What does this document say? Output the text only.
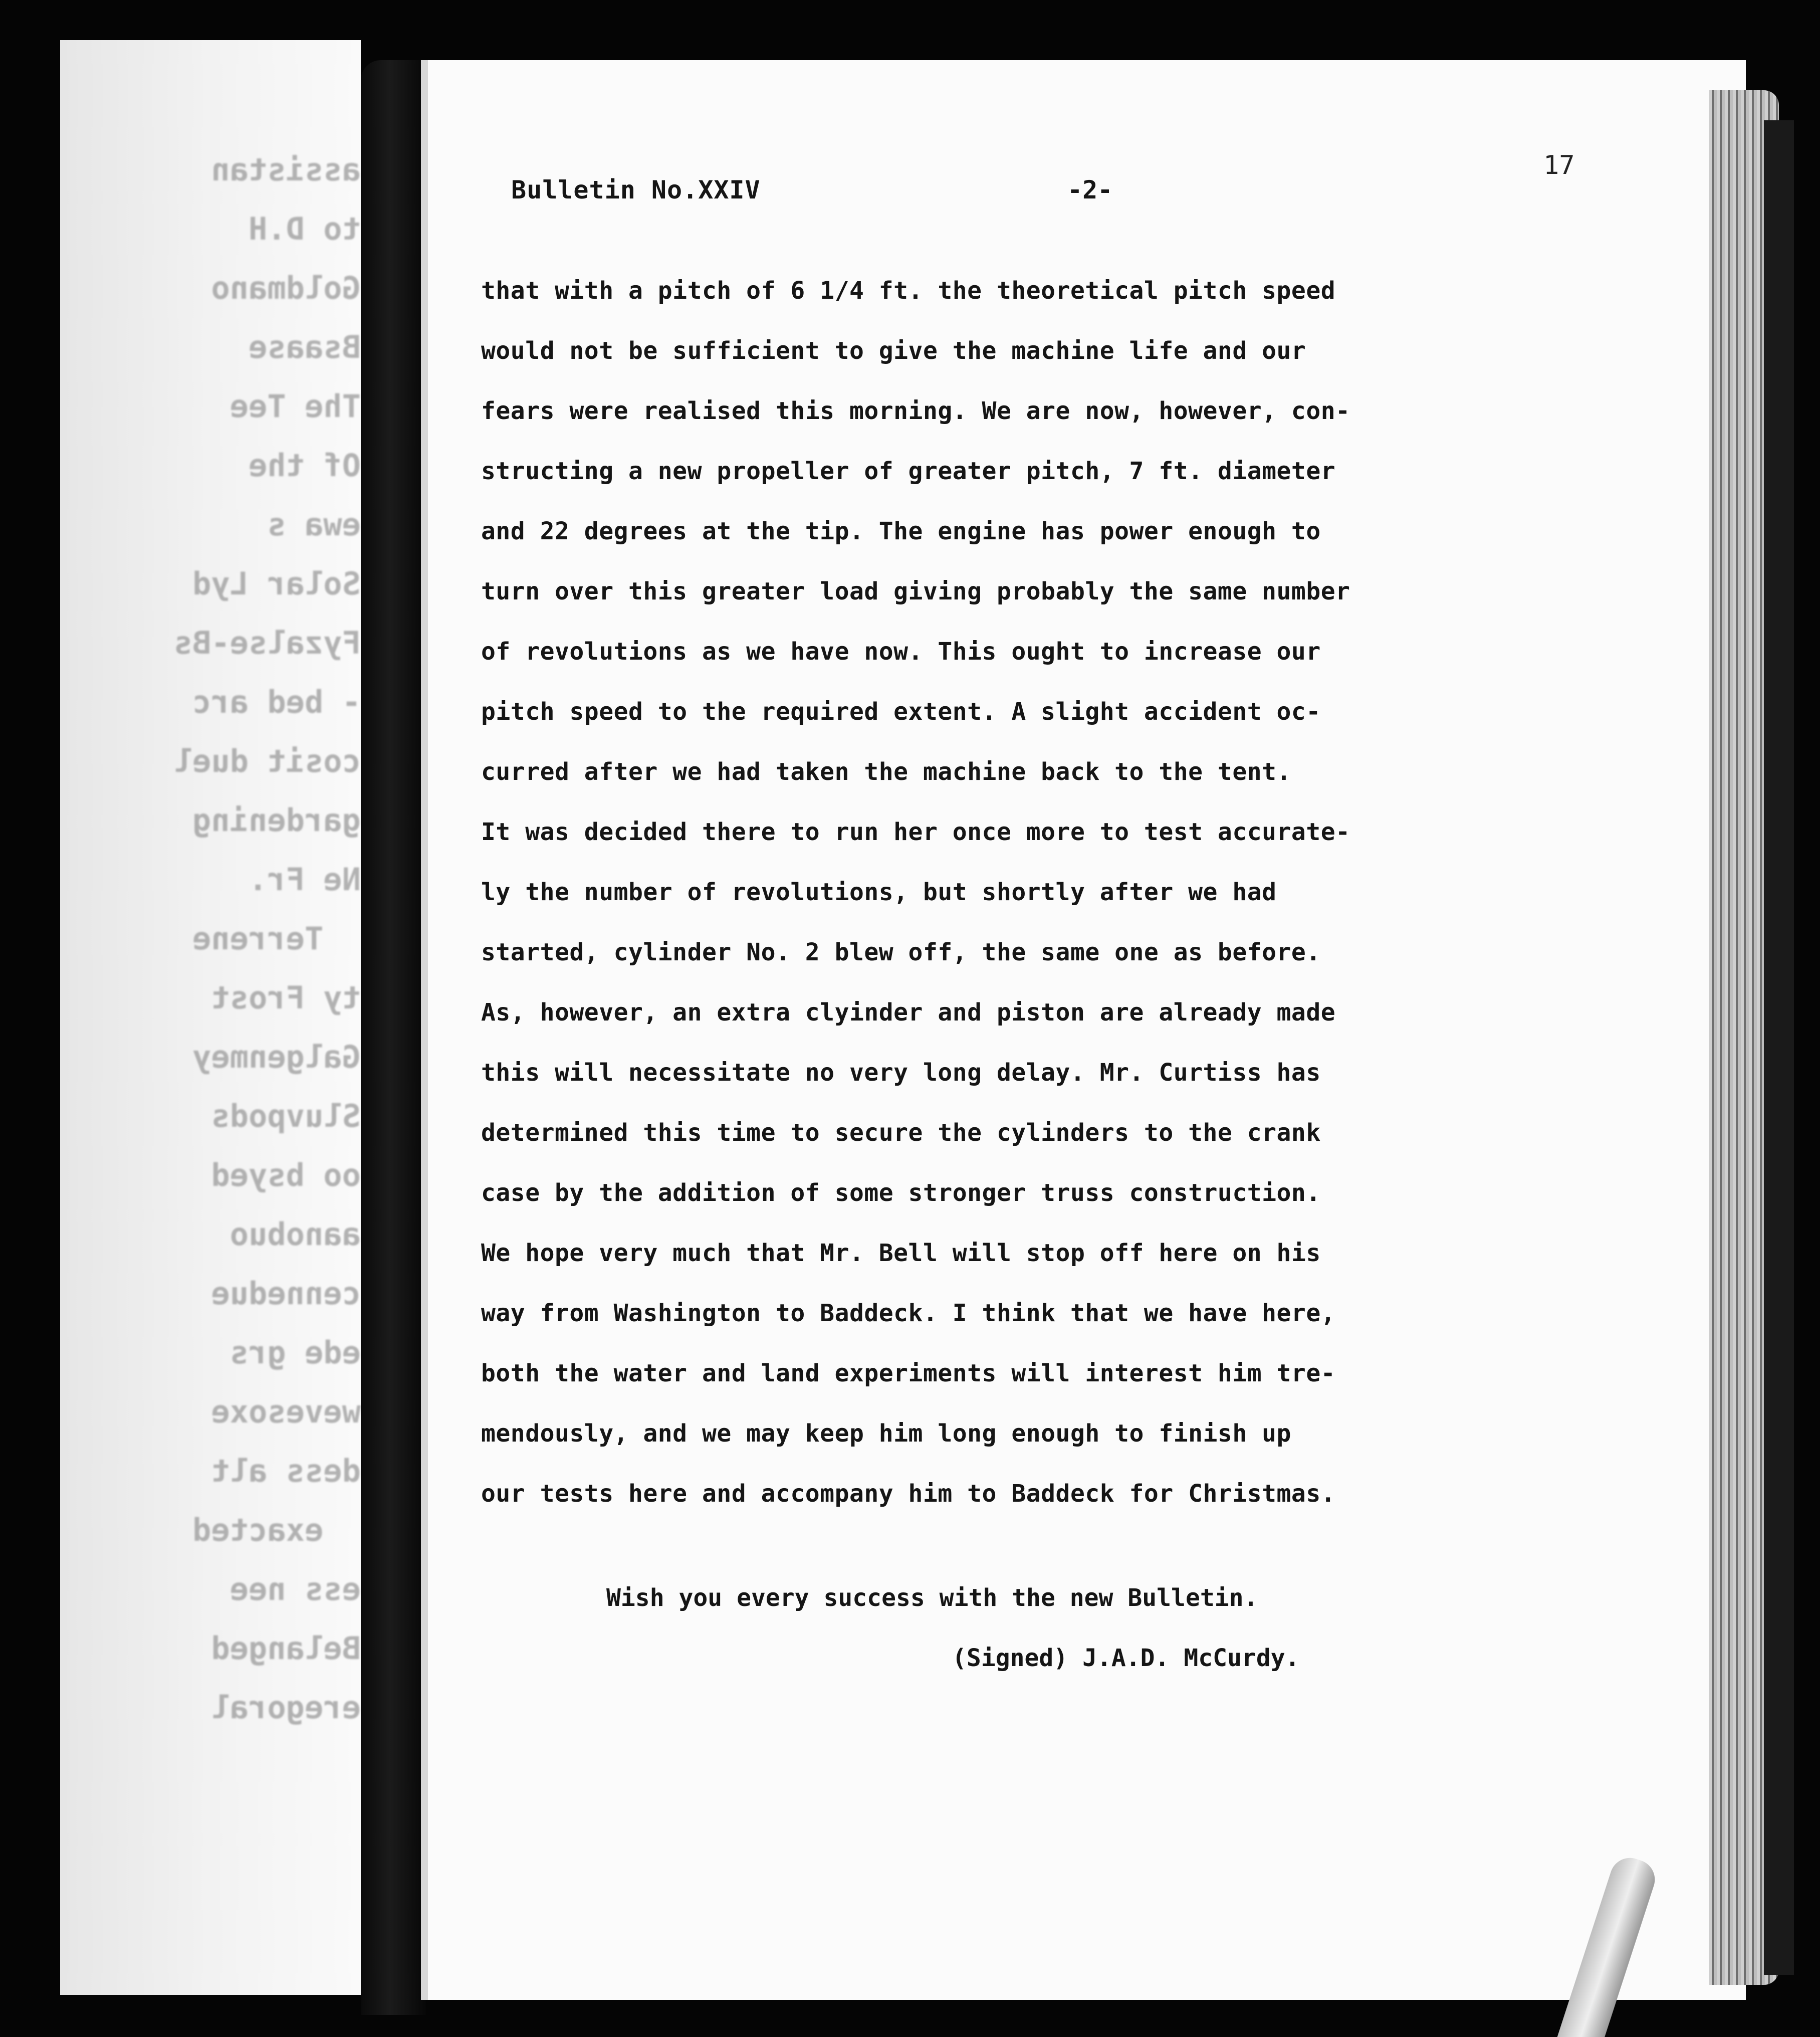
assistan
to D.H
Goldmano
Bsaase
The Tee
Of the
ewa s
Solar Lyd
Fyzalse-Bs
- bed arc
cosit duel
gardening
Ne Fr.
Terrene
ty Frost
Galgenmey
Sluvpods
oo bsyed
aanobuo
cennedue
ede grs
wevesoxe
dess alt
exacted
ess nee
Belanged
eregoral
Bulletin No.XXIV	-2-
17
that with a pitch of 6 1/4 ft. the theoretical pitch speed
would not be sufficient to give the machine life and our
fears were realised this morning. We are now, however, con-
structing a new propeller of greater pitch, 7 ft. diameter
and 22 degrees at the tip. The engine has power enough to
turn over this greater load giving probably the same number
of revolutions as we have now. This ought to increase our
pitch speed to the required extent. A slight accident oc-
curred after we had taken the machine back to the tent.
It was decided there to run her once more to test accurate-
ly the number of revolutions, but shortly after we had
started, cylinder No. 2 blew off, the same one as before.
As, however, an extra clyinder and piston are already made
this will necessitate no very long delay. Mr. Curtiss has
determined this time to secure the cylinders to the crank
case by the addition of some stronger truss construction.
We hope very much that Mr. Bell will stop off here on his
way from Washington to Baddeck. I think that we have here,
both the water and land experiments will interest him tre-
mendously, and we may keep him long enough to finish up
our tests here and accompany him to Baddeck for Christmas.
Wish you every success with the new Bulletin.
(Signed) J.A.D. McCurdy.
